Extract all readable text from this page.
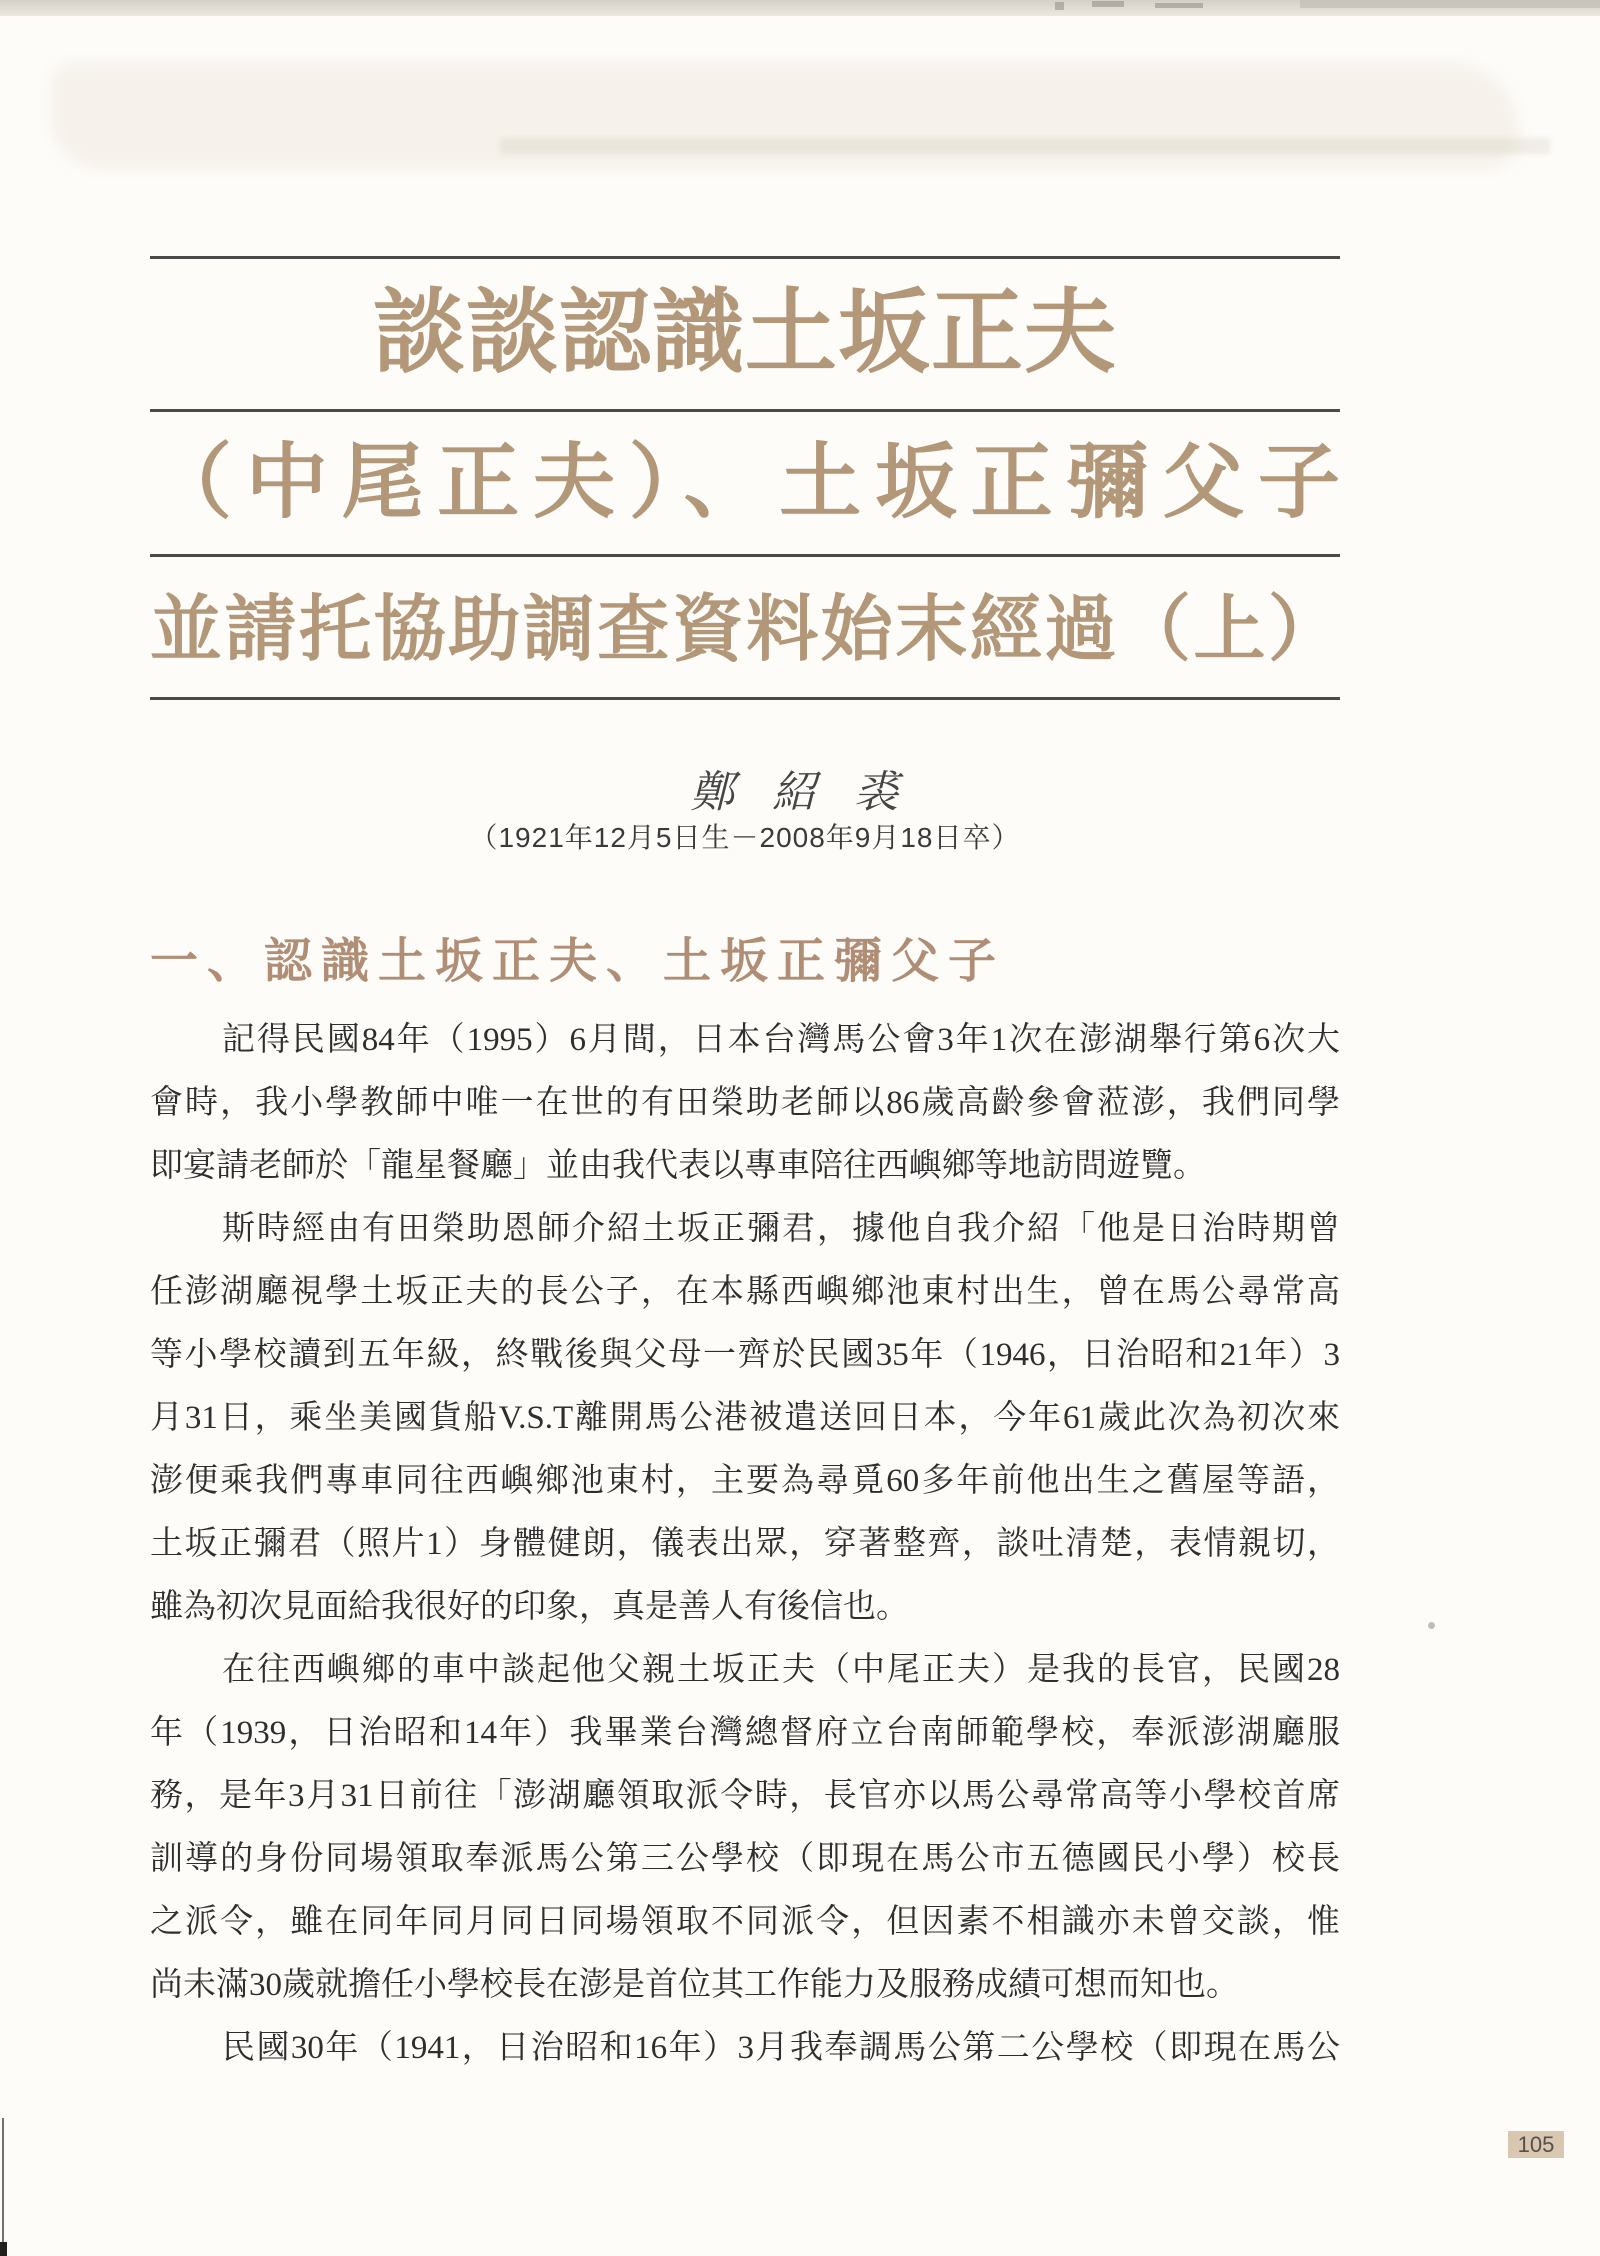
談談認識土坂正夫
（中尾正夫）、土坂正彌父子
並請托協助調查資料始末經過（上）
鄭紹裘
（1921年12月5日生－2008年9月18日卒）
一、認識土坂正夫、土坂正彌父子
記得民國84年（1995）6月間，日本台灣馬公會3年1次在澎湖舉行第6次大
會時，我小學教師中唯一在世的有田榮助老師以86歲高齡參會蒞澎，我們同學
即宴請老師於「龍星餐廳」並由我代表以專車陪往西嶼鄉等地訪問遊覽。
斯時經由有田榮助恩師介紹土坂正彌君，據他自我介紹「他是日治時期曾
任澎湖廳視學土坂正夫的長公子，在本縣西嶼鄉池東村出生，曾在馬公尋常高
等小學校讀到五年級，終戰後與父母一齊於民國35年（1946，日治昭和21年）3
月31日，乘坐美國貨船V.S.T離開馬公港被遣送回日本，今年61歲此次為初次來
澎便乘我們專車同往西嶼鄉池東村，主要為尋覓60多年前他出生之舊屋等語，
土坂正彌君（照片1）身體健朗，儀表出眾，穿著整齊，談吐清楚，表情親切，
雖為初次見面給我很好的印象，真是善人有後信也。
在往西嶼鄉的車中談起他父親土坂正夫（中尾正夫）是我的長官，民國28
年（1939，日治昭和14年）我畢業台灣總督府立台南師範學校，奉派澎湖廳服
務，是年3月31日前往「澎湖廳領取派令時，長官亦以馬公尋常高等小學校首席
訓導的身份同場領取奉派馬公第三公學校（即現在馬公市五德國民小學）校長
之派令，雖在同年同月同日同場領取不同派令，但因素不相識亦未曾交談，惟
尚未滿30歲就擔任小學校長在澎是首位其工作能力及服務成績可想而知也。
民國30年（1941，日治昭和16年）3月我奉調馬公第二公學校（即現在馬公
105
